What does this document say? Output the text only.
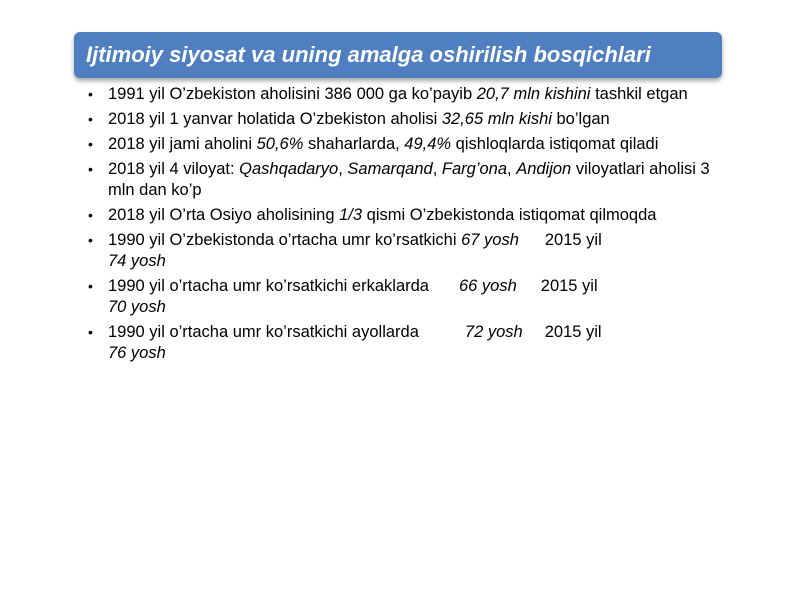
Ijtimoiy siyosat va uning amalga oshirilish bosqichlari
• 1991 yil O’zbekiston aholisini 386 000 ga ko’payib 20,7 mln kishini tashkil etgan
• 2018 yil 1 yanvar holatida O’zbekiston aholisi 32,65 mln kishi bo’lgan
• 2018 yil jami aholini 50,6% shaharlarda, 49,4% qishloqlarda istiqomat qiladi
• 2018 yil 4 viloyat: Qashqadaryo, Samarqand, Farg’ona, Andijon viloyatlari aholisi 3 mln dan ko’p
• 2018 yil O’rta Osiyo aholisining 1/3 qismi O’zbekistonda istiqomat qilmoqda
• 1990 yil O’zbekistonda o’rtacha umr ko’rsatkichi 67 yosh 2015 yil
74 yosh
• 1990 yil o’rtacha umr ko’rsatkichi erkaklarda 66 yosh 2015 yil
70 yosh
• 1990 yil o’rtacha umr ko’rsatkichi ayollarda	72 yosh 2015 yil
76 yosh
